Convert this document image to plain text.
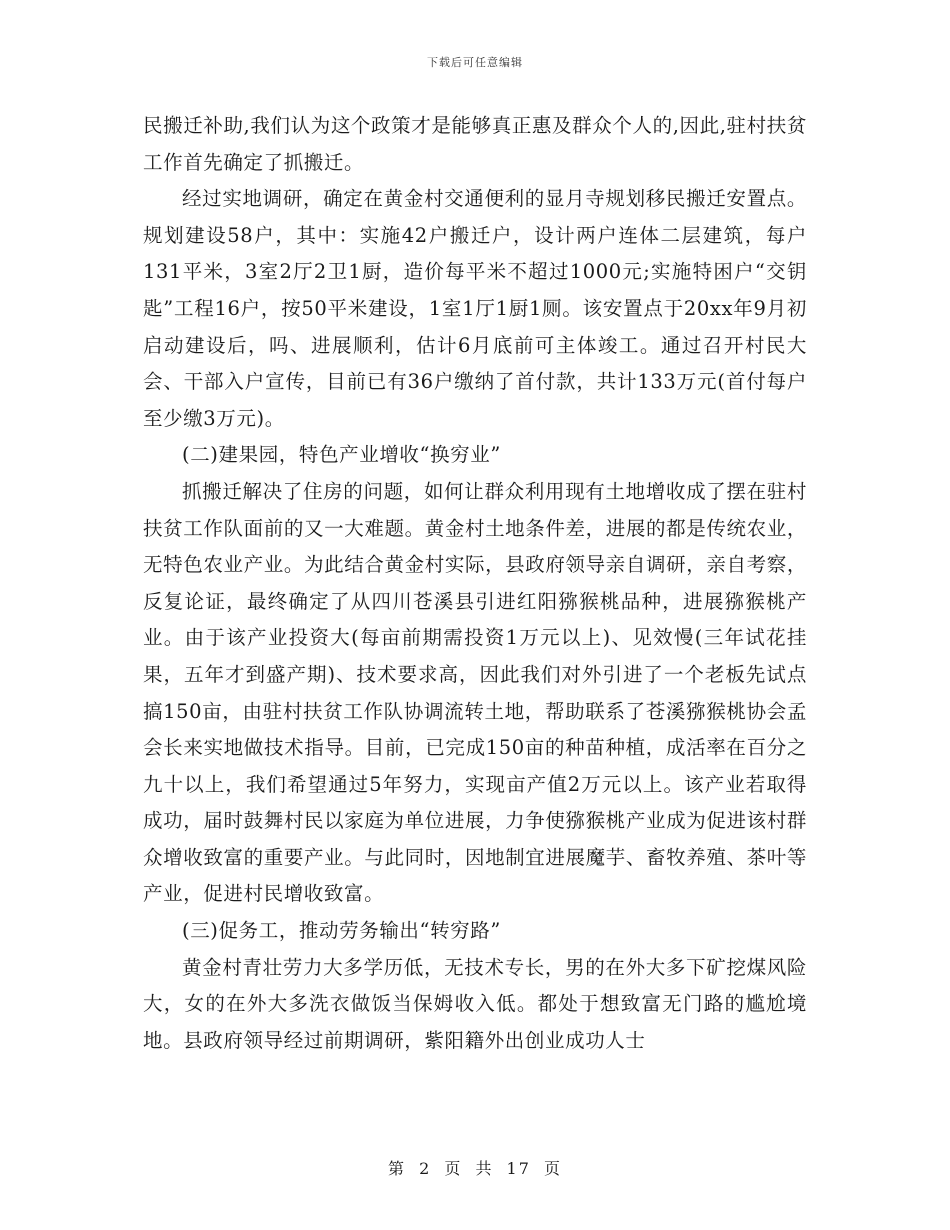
下载后可任意编辑

民搬迁补助,我们认为这个政策才是能够真正惠及群众个人的,因此,驻村扶贫工作首先确定了抓搬迁。

经过实地调研，确定在黄金村交通便利的显月寺规划移民搬迁安置点。规划建设58户，其中：实施42户搬迁户，设计两户连体二层建筑，每户131平米，3室2厅2卫1厨，造价每平米不超过1000元;实施特困户“交钥匙”工程16户，按50平米建设，1室1厅1厨1厕。该安置点于20xx年9月初启动建设后，吗、进展顺利，估计6月底前可主体竣工。通过召开村民大会、干部入户宣传，目前已有36户缴纳了首付款，共计133万元(首付每户至少缴3万元)。

(二)建果园，特色产业增收“换穷业”

抓搬迁解决了住房的问题，如何让群众利用现有土地增收成了摆在驻村扶贫工作队面前的又一大难题。黄金村土地条件差，进展的都是传统农业，无特色农业产业。为此结合黄金村实际，县政府领导亲自调研，亲自考察，反复论证，最终确定了从四川苍溪县引进红阳猕猴桃品种，进展猕猴桃产业。由于该产业投资大(每亩前期需投资1万元以上)、见效慢(三年试花挂果，五年才到盛产期)、技术要求高，因此我们对外引进了一个老板先试点搞150亩，由驻村扶贫工作队协调流转土地，帮助联系了苍溪猕猴桃协会孟会长来实地做技术指导。目前，已完成150亩的种苗种植，成活率在百分之九十以上，我们希望通过5年努力，实现亩产值2万元以上。该产业若取得成功，届时鼓舞村民以家庭为单位进展，力争使猕猴桃产业成为促进该村群众增收致富的重要产业。与此同时，因地制宜进展魔芋、畜牧养殖、茶叶等产业，促进村民增收致富。

(三)促务工，推动劳务输出“转穷路”

黄金村青壮劳力大多学历低，无技术专长，男的在外大多下矿挖煤风险大，女的在外大多洗衣做饭当保姆收入低。都处于想致富无门路的尴尬境地。县政府领导经过前期调研，紫阳籍外出创业成功人士

第 2 页 共 17 页
